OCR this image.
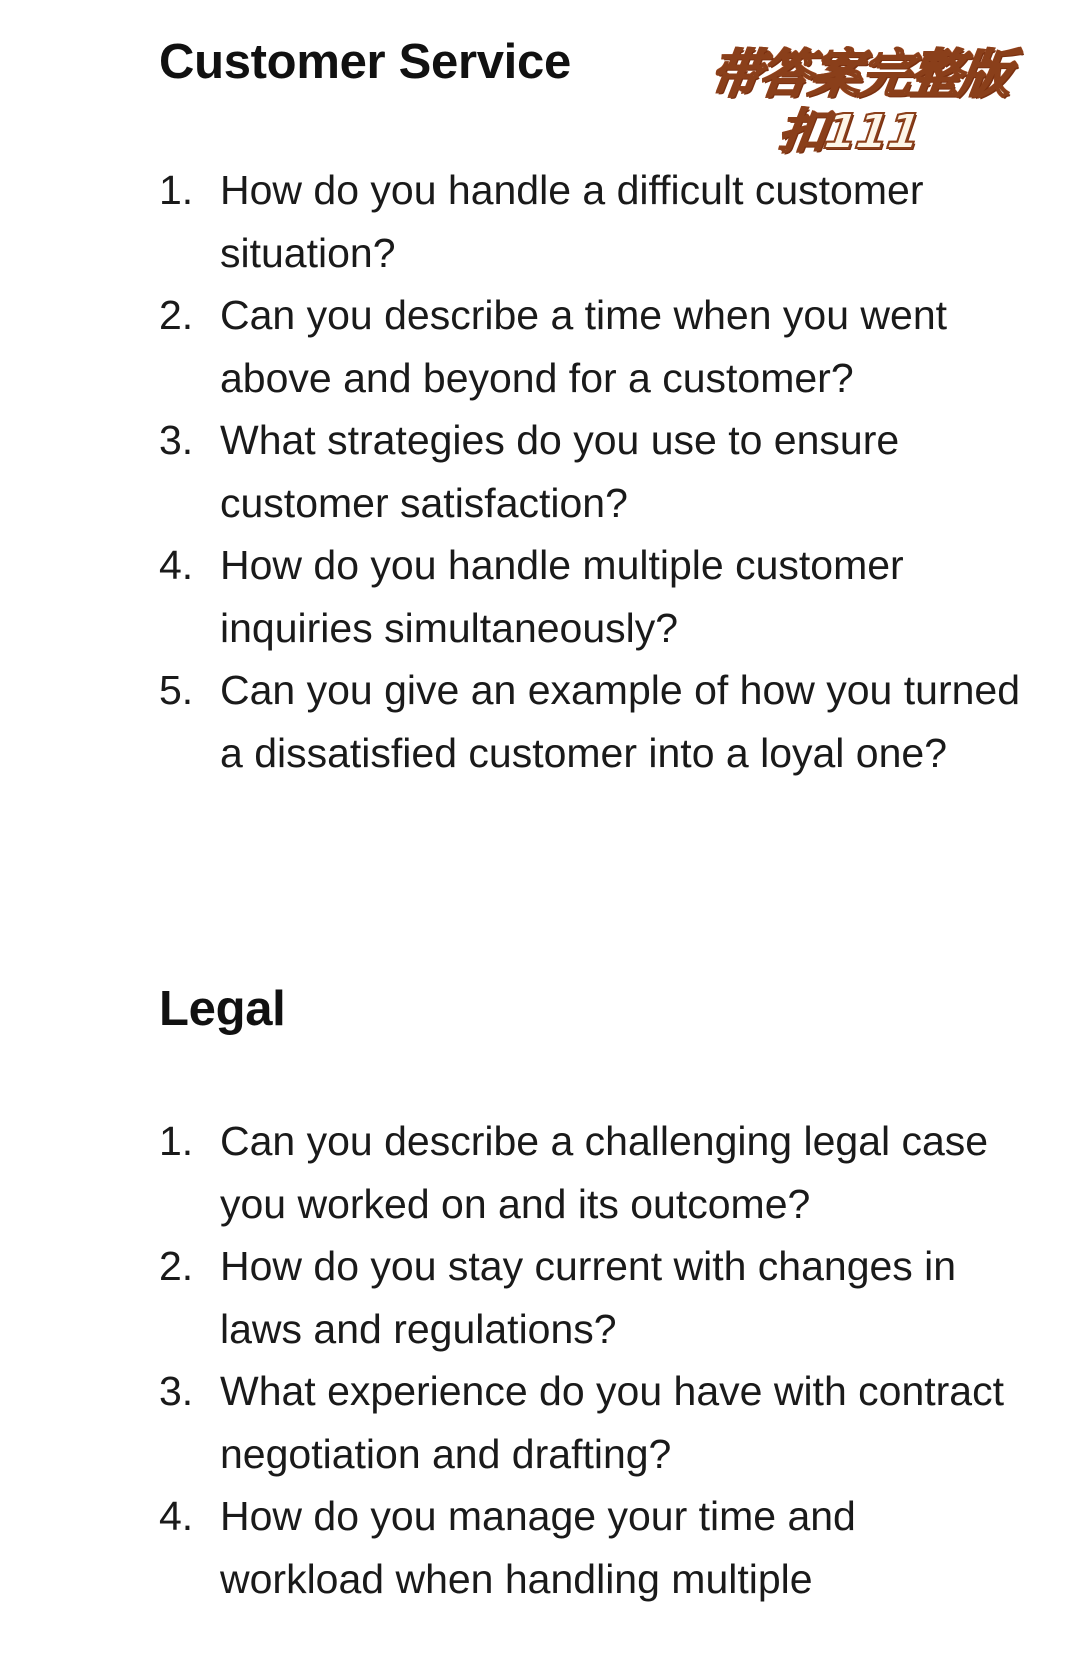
Customer Service	带答案完整版
扣111
1. How do you handle a difficult customer situation?
2. Can you describe a time when you went above and beyond for a customer?
3. What strategies do you use to ensure customer satisfaction?
4. How do you handle multiple customer inquiries simultaneously?
5. Can you give an example of how you turned a dissatisfied customer into a loyal one?
Legal
1. Can you describe a challenging legal case you worked on and its outcome?
2. How do you stay current with changes in laws and regulations?
3. What experience do you have with contract negotiation and drafting?
4. How do you manage your time and workload when handling multiple
